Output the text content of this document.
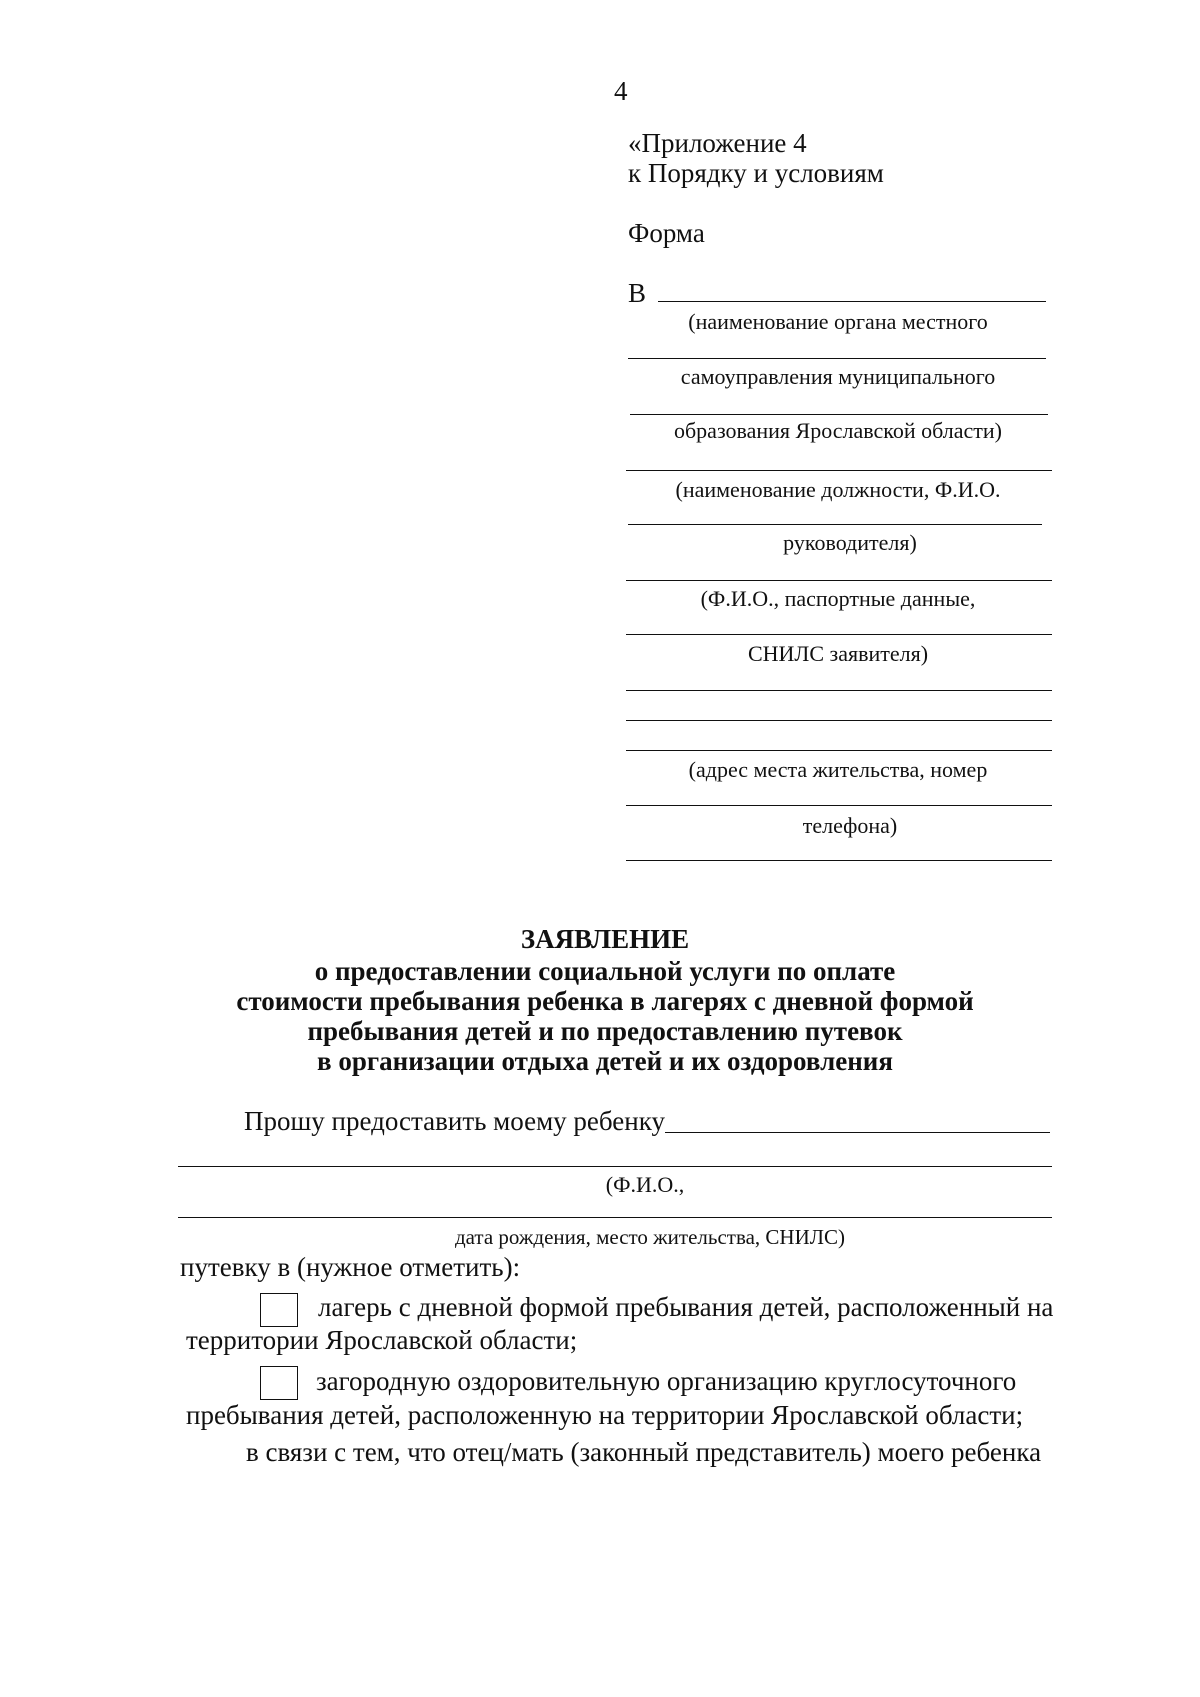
4
«Приложение 4
к Порядку и условиям
Форма
В
(наименование органа местного
самоуправления муниципального
образования Ярославской области)
(наименование должности, Ф.И.О.
руководителя)
(Ф.И.О., паспортные данные,
СНИЛС заявителя)
(адрес места жительства, номер
телефона)
ЗАЯВЛЕНИЕ
о предоставлении социальной услуги по оплате
стоимости пребывания ребенка в лагерях с дневной формой
пребывания детей и по предоставлению путевок
в организации отдыха детей и их оздоровления
Прошу предоставить моему ребенку
(Ф.И.О.,
дата рождения, место жительства, СНИЛС)
путевку в (нужное отметить):
лагерь с дневной формой пребывания детей, расположенный на
территории Ярославской области;
загородную оздоровительную организацию круглосуточного
пребывания детей, расположенную на территории Ярославской области;
в связи с тем, что отец/мать (законный представитель) моего ребенка
